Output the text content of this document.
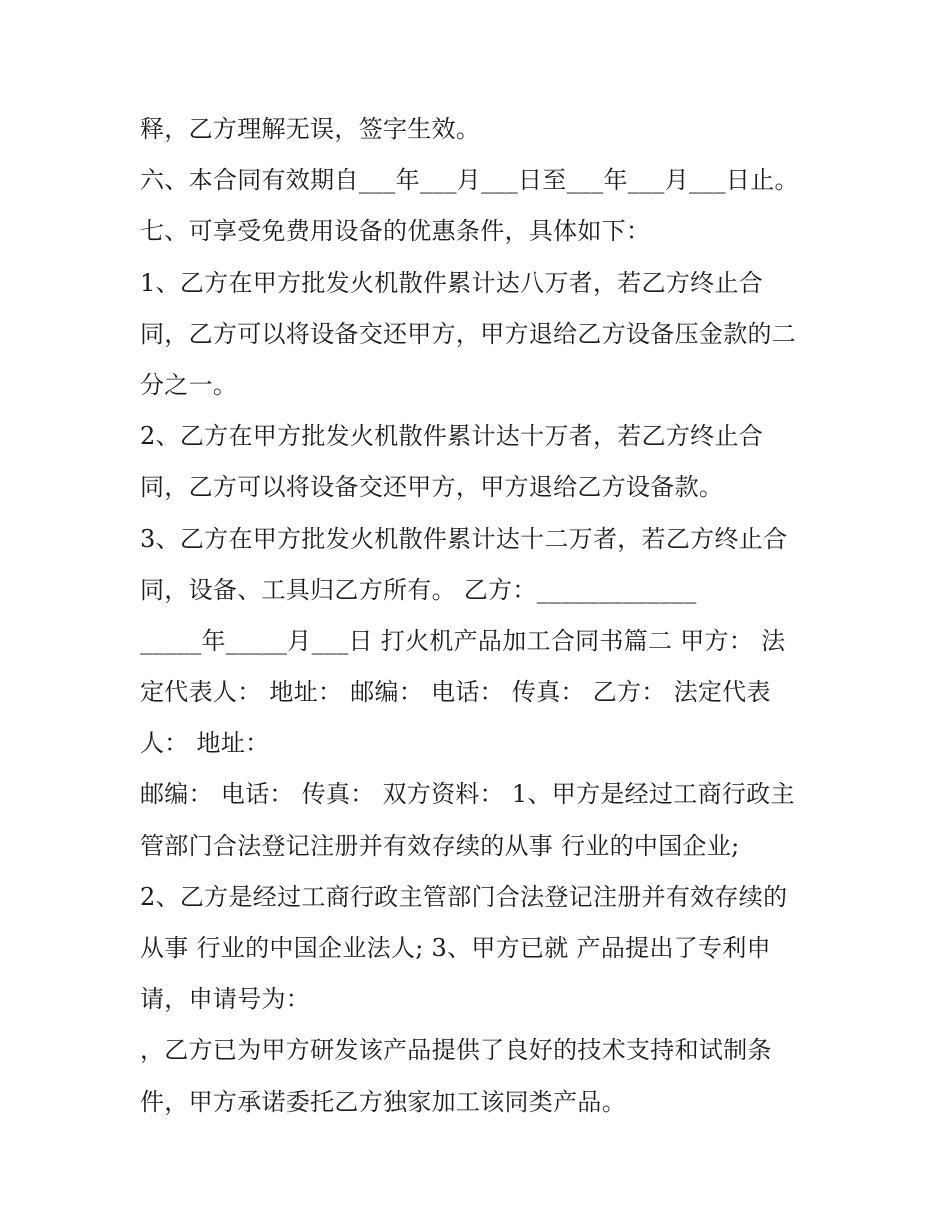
释，乙方理解无误，签字生效。
六、本合同有效期自___年___月___日至___年___月___日止。
七、可享受免费用设备的优惠条件，具体如下：
1、乙方在甲方批发火机散件累计达八万者，若乙方终止合
同，乙方可以将设备交还甲方，甲方退给乙方设备压金款的二
分之一。
2、乙方在甲方批发火机散件累计达十万者，若乙方终止合
同，乙方可以将设备交还甲方，甲方退给乙方设备款。
3、乙方在甲方批发火机散件累计达十二万者，若乙方终止合
同，设备、工具归乙方所有。 乙方：_____________
_____年_____月___日 打火机产品加工合同书篇二 甲方： 法
定代表人： 地址： 邮编： 电话： 传真： 乙方： 法定代表
人： 地址：
邮编： 电话： 传真： 双方资料： 1、甲方是经过工商行政主
管部门合法登记注册并有效存续的从事 行业的中国企业;
2、乙方是经过工商行政主管部门合法登记注册并有效存续的
从事 行业的中国企业法人; 3、甲方已就 产品提出了专利申
请，申请号为：
，乙方已为甲方研发该产品提供了良好的技术支持和试制条
件，甲方承诺委托乙方独家加工该同类产品。
